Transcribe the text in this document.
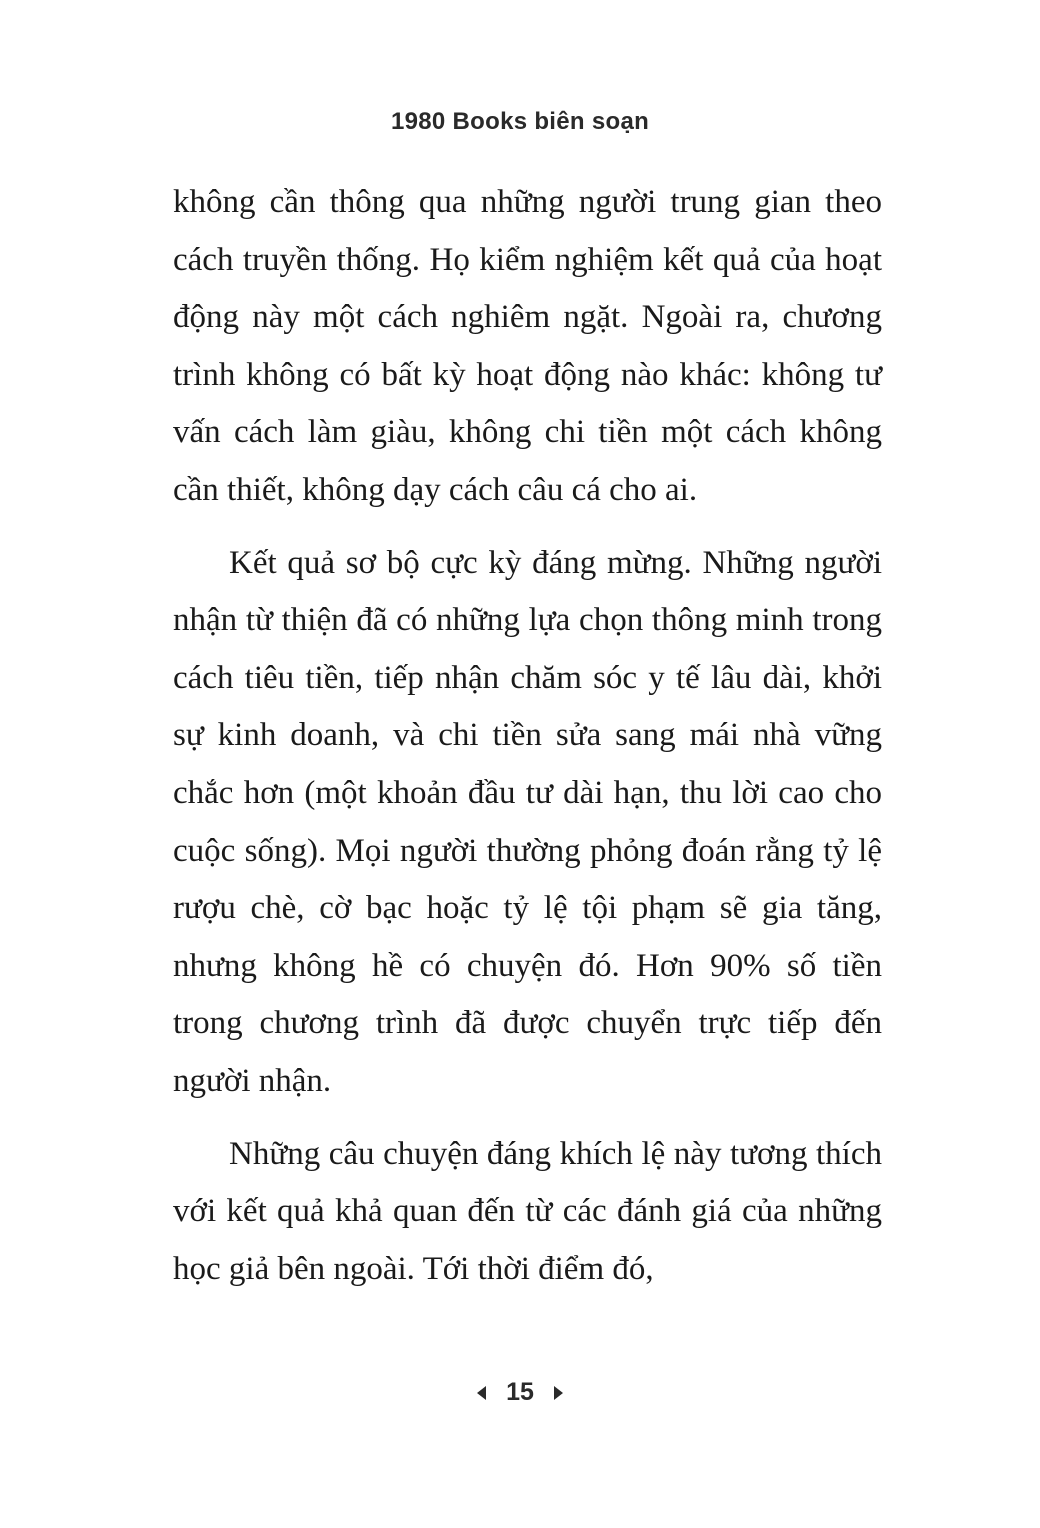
1980 Books biên soạn

không cần thông qua những người trung gian theo cách truyền thống. Họ kiểm nghiệm kết quả của hoạt động này một cách nghiêm ngặt. Ngoài ra, chương trình không có bất kỳ hoạt động nào khác: không tư vấn cách làm giàu, không chi tiền một cách không cần thiết, không dạy cách câu cá cho ai.

Kết quả sơ bộ cực kỳ đáng mừng. Những người nhận từ thiện đã có những lựa chọn thông minh trong cách tiêu tiền, tiếp nhận chăm sóc y tế lâu dài, khởi sự kinh doanh, và chi tiền sửa sang mái nhà vững chắc hơn (một khoản đầu tư dài hạn, thu lời cao cho cuộc sống). Mọi người thường phỏng đoán rằng tỷ lệ rượu chè, cờ bạc hoặc tỷ lệ tội phạm sẽ gia tăng, nhưng không hề có chuyện đó. Hơn 90% số tiền trong chương trình đã được chuyển trực tiếp đến người nhận.

Những câu chuyện đáng khích lệ này tương thích với kết quả khả quan đến từ các đánh giá của những học giả bên ngoài. Tới thời điểm đó,

15
